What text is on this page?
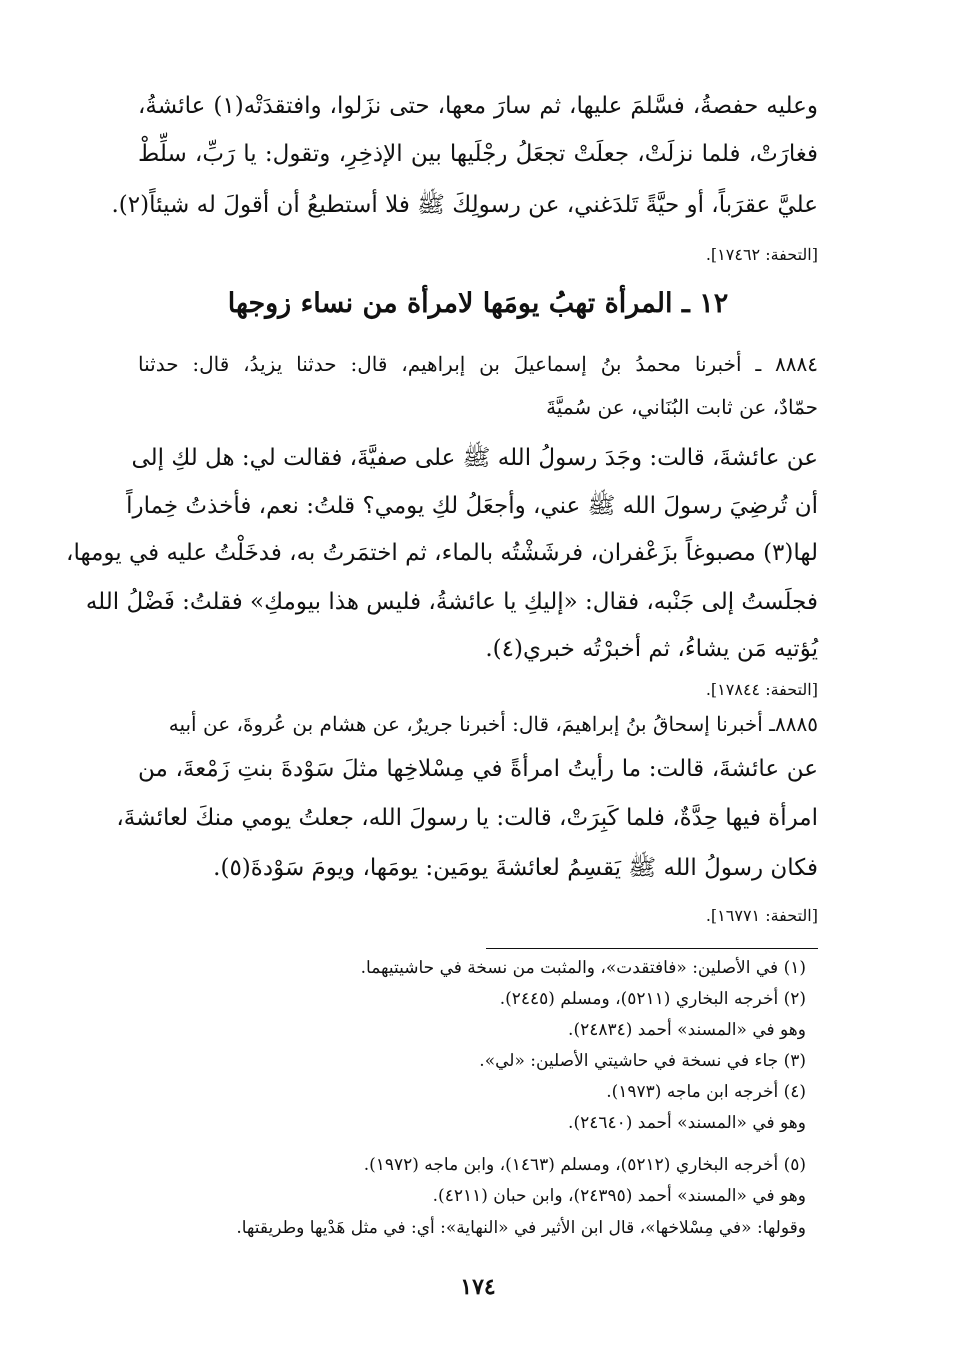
وعليه حفصةُ، فسَّلمَ عليها، ثم سارَ معها، حتى نزَلوا، وافتقدَتْه(١) عائشةُ،
فغارَتْ، فلما نزلَتْ، جعلَتْ تجعَلُ رجْلَيها بين الإذخِرِ، وتقول: يا رَبِّ، سلِّطْ
عليَّ عقرَباً، أو حيَّةً تَلدَغني، عن رسولِكَ ﷺ فلا أستطيعُ أن أقولَ له شيئاً(٢).
[التحفة: ١٧٤٦٢].
١٢ ـ المرأة تهبُ يومَها لامرأة من نساء زوجها
٨٨٨٤ ـ أخبرنا محمدُ بنُ إسماعيلَ بن إبراهيم، قال: حدثنا يزيدُ، قال: حدثنا
حمّادٌ، عن ثابت البُنَاني، عن سُميَّةَ
عن عائشةَ، قالت: وجَدَ رسولُ الله ﷺ على صفيَّةَ، فقالت لي: هل لكِ إلى
أن تُرضِيَ رسولَ الله ﷺ عني، وأجعَلُ لكِ يومي؟ قلتُ: نعم، فأخذتُ خِماراً
لها(٣) مصبوغاً بزَعْفران، فرشَشْتُه بالماء، ثم اختمَرتُ به، فدخَلْتُ عليه في يومها،
فجلَستُ إلى جَنْبه، فقال: «إليكِ يا عائشةُ، فليس هذا بيومكِ» فقلتُ: فَضْلُ الله
يُؤتيه مَن يشاءُ، ثم أخبرْتُه خبري(٤).
[التحفة: ١٧٨٤٤].
٨٨٨٥ـ أخبرنا إسحاقُ بنُ إبراهيمَ، قال: أخبرنا جريرٌ، عن هشام بن عُروةَ، عن أبيه
عن عائشةَ، قالت: ما رأيتُ امرأةً في مِسْلاخِها مثلَ سَوْدةَ بنتِ زَمْعةَ، من
امرأة فيها حِدَّةٌ، فلما كَبِرَتْ، قالت: يا رسولَ الله، جعلتُ يومي منكَ لعائشةَ،
فكان رسولُ الله ﷺ يَقسِمُ لعائشةَ يومَين: يومَها، ويومَ سَوْدةَ(٥).
[التحفة: ١٦٧٧١].
(١) في الأصلين: «فافتقدت»، والمثبت من نسخة في حاشيتيهما.
(٢) أخرجه البخاري (٥٢١١)، ومسلم (٢٤٤٥).
وهو في «المسند» أحمد (٢٤٨٣٤).
(٣) جاء في نسخة في حاشيتي الأصلين: «لي».
(٤) أخرجه ابن ماجه (١٩٧٣).
وهو في «المسند» أحمد (٢٤٦٤٠).
(٥) أخرجه البخاري (٥٢١٢)، ومسلم (١٤٦٣)، وابن ماجه (١٩٧٢).
وهو في «المسند» أحمد (٢٤٣٩٥)، وابن حبان (٤٢١١).
وقولها: «في مِسْلاخها»، قال ابن الأثير في «النهاية»: أي: في مثل هَدْيها وطريقتها.
١٧٤
